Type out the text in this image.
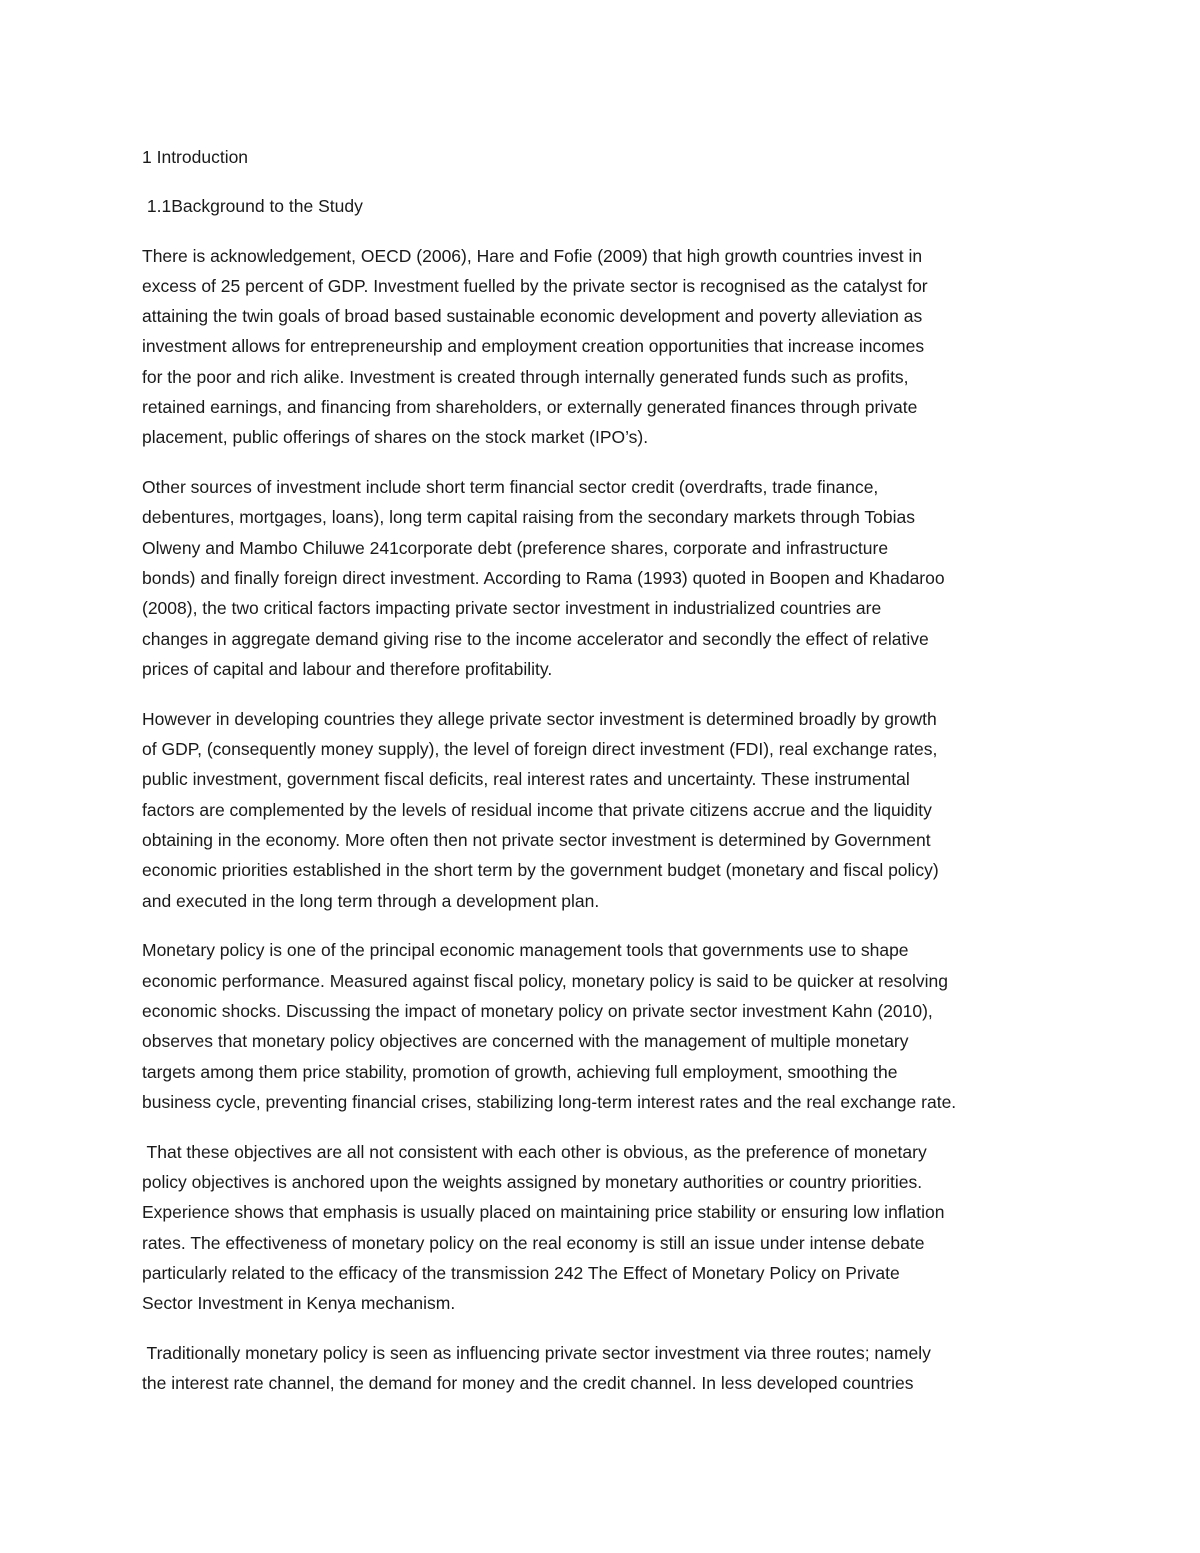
1 Introduction
1.1Background to the Study
There is acknowledgement, OECD (2006), Hare and Fofie (2009) that high growth countries invest in
excess of 25 percent of GDP. Investment fuelled by the private sector is recognised as the catalyst for
attaining the twin goals of broad based sustainable economic development and poverty alleviation as
investment allows for entrepreneurship and employment creation opportunities that increase incomes
for the poor and rich alike. Investment is created through internally generated funds such as profits,
retained earnings, and financing from shareholders, or externally generated finances through private
placement, public offerings of shares on the stock market (IPO’s).
Other sources of investment include short term financial sector credit (overdrafts, trade finance,
debentures, mortgages, loans), long term capital raising from the secondary markets through Tobias
Olweny and Mambo Chiluwe 241corporate debt (preference shares, corporate and infrastructure
bonds) and finally foreign direct investment. According to Rama (1993) quoted in Boopen and Khadaroo
(2008), the two critical factors impacting private sector investment in industrialized countries are
changes in aggregate demand giving rise to the income accelerator and secondly the effect of relative
prices of capital and labour and therefore profitability.
However in developing countries they allege private sector investment is determined broadly by growth
of GDP, (consequently money supply), the level of foreign direct investment (FDI), real exchange rates,
public investment, government fiscal deficits, real interest rates and uncertainty. These instrumental
factors are complemented by the levels of residual income that private citizens accrue and the liquidity
obtaining in the economy. More often then not private sector investment is determined by Government
economic priorities established in the short term by the government budget (monetary and fiscal policy)
and executed in the long term through a development plan.
Monetary policy is one of the principal economic management tools that governments use to shape
economic performance. Measured against fiscal policy, monetary policy is said to be quicker at resolving
economic shocks. Discussing the impact of monetary policy on private sector investment Kahn (2010),
observes that monetary policy objectives are concerned with the management of multiple monetary
targets among them price stability, promotion of growth, achieving full employment, smoothing the
business cycle, preventing financial crises, stabilizing long-term interest rates and the real exchange rate.
That these objectives are all not consistent with each other is obvious, as the preference of monetary
policy objectives is anchored upon the weights assigned by monetary authorities or country priorities.
Experience shows that emphasis is usually placed on maintaining price stability or ensuring low inflation
rates. The effectiveness of monetary policy on the real economy is still an issue under intense debate
particularly related to the efficacy of the transmission 242 The Effect of Monetary Policy on Private
Sector Investment in Kenya mechanism.
Traditionally monetary policy is seen as influencing private sector investment via three routes; namely
the interest rate channel, the demand for money and the credit channel. In less developed countries
